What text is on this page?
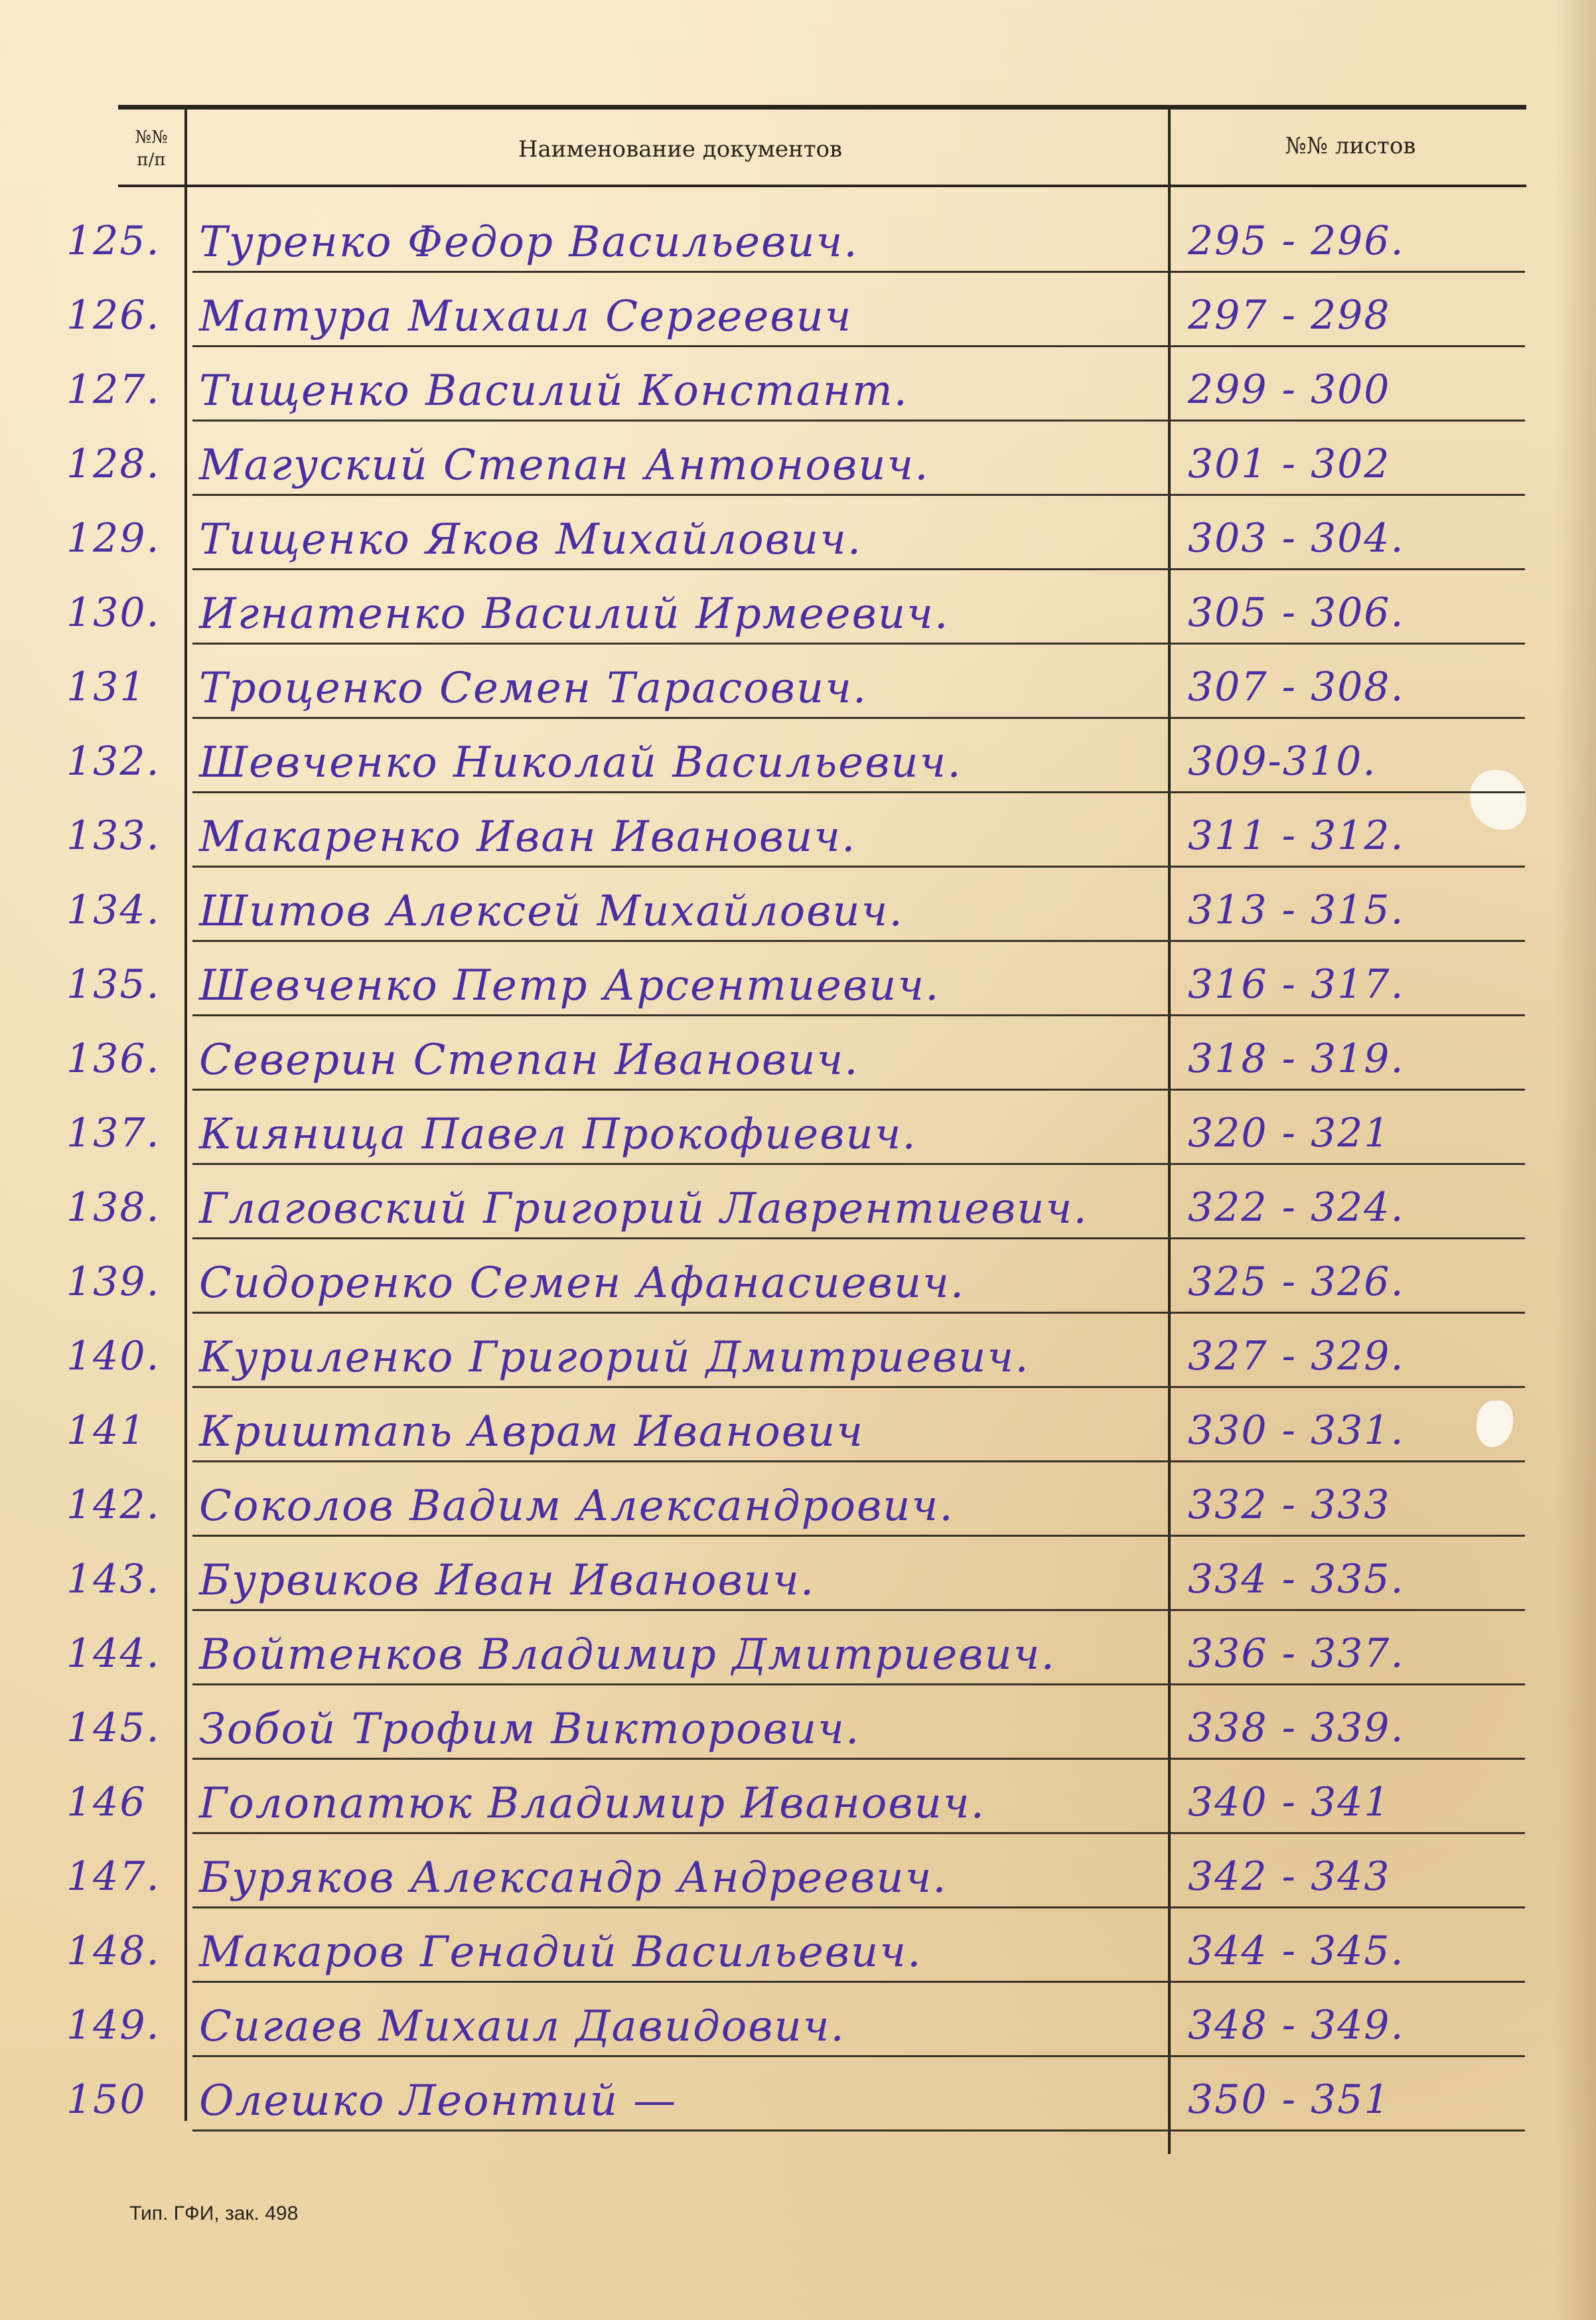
№№
п/п	Наименование документов	№№ листов
125. Туренко Федор Васильевич.	295 - 296.
126. Матура Михаил Сергеевич	297 - 298
127. Тищенко Василий Констант.	299 - 300
128. Магуский Степан Антонович.	301 - 302
129. Тищенко Яков Михайлович.	303 - 304.
130. Игнатенко Василий Ирмеевич.	305 - 306.
131	Троценко Семен Тарасович.	307 - 308.
132. Шевченко Николай Васильевич.	309-310.
133. Макаренко Иван Иванович.	311 - 312.
134. Шитов Алексей Михайлович.	313 - 315.
135. Шевченко Петр Арсентиевич.	316 - 317.
136. Северин Степан Иванович.	318 - 319.
137. Кияница Павел Прокофиевич.	320 - 321
138. Глаговский Григорий Лаврентиевич.	322 - 324.
139. Сидоренко Семен Афанасиевич.	325 - 326.
140. Куриленко Григорий Дмитриевич.	327 - 329.
141	Криштапь Аврам Иванович	330 - 331.
142. Соколов Вадим Александрович.	332 - 333
143. Бурвиков Иван Иванович.	334 - 335.
144. Войтенков Владимир Дмитриевич.	336 - 337.
145. Зобой Трофим Викторович.	338 - 339.
146	Голопатюк Владимир Иванович.	340 - 341
147. Буряков Александр Андреевич.	342 - 343
148. Макаров Генадий Васильевич.	344 - 345.
149. Сигаев Михаил Давидович.	348 - 349.
150	Олешко Леонтий —	350 - 351
Тип. ГФИ, зак. 498
